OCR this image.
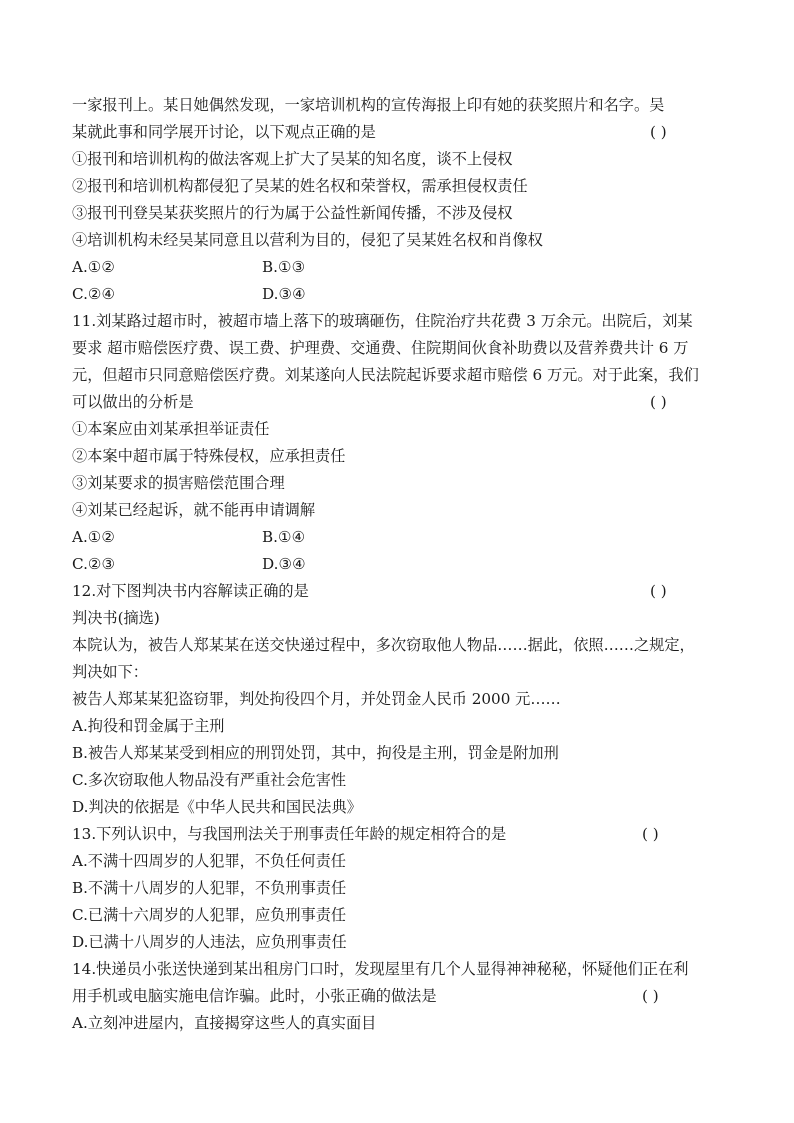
一家报刊上。某日她偶然发现，一家培训机构的宣传海报上印有她的获奖照片和名字。吴
某就此事和同学展开讨论，以下观点正确的是	( )
①报刊和培训机构的做法客观上扩大了吴某的知名度，谈不上侵权
②报刊和培训机构都侵犯了吴某的姓名权和荣誉权，需承担侵权责任
③报刊刊登吴某获奖照片的行为属于公益性新闻传播，不涉及侵权
④培训机构未经吴某同意且以营利为目的，侵犯了吴某姓名权和肖像权
A.①②	B.①③
C.②④	D.③④
11.刘某路过超市时，被超市墙上落下的玻璃砸伤，住院治疗共花费 3 万余元。出院后，刘某
要求 超市赔偿医疗费、误工费、护理费、交通费、住院期间伙食补助费以及营养费共计 6 万
元，但超市只同意赔偿医疗费。刘某遂向人民法院起诉要求超市赔偿 6 万元。对于此案，我们
可以做出的分析是	( )
①本案应由刘某承担举证责任
②本案中超市属于特殊侵权，应承担责任
③刘某要求的损害赔偿范围合理
④刘某已经起诉，就不能再申请调解
A.①②	B.①④
C.②③	D.③④
12.对下图判决书内容解读正确的是	( )
判决书(摘选)
本院认为，被告人郑某某在送交快递过程中，多次窃取他人物品……据此，依照……之规定，
判决如下：
被告人郑某某犯盗窃罪，判处拘役四个月，并处罚金人民币 2000 元……
A.拘役和罚金属于主刑
B.被告人郑某某受到相应的刑罚处罚，其中，拘役是主刑，罚金是附加刑
C.多次窃取他人物品没有严重社会危害性
D.判决的依据是《中华人民共和国民法典》
13.下列认识中，与我国刑法关于刑事责任年龄的规定相符合的是	( )
A.不满十四周岁的人犯罪，不负任何责任
B.不满十八周岁的人犯罪，不负刑事责任
C.已满十六周岁的人犯罪，应负刑事责任
D.已满十八周岁的人违法，应负刑事责任
14.快递员小张送快递到某出租房门口时，发现屋里有几个人显得神神秘秘，怀疑他们正在利
用手机或电脑实施电信诈骗。此时，小张正确的做法是	( )
A.立刻冲进屋内，直接揭穿这些人的真实面目
